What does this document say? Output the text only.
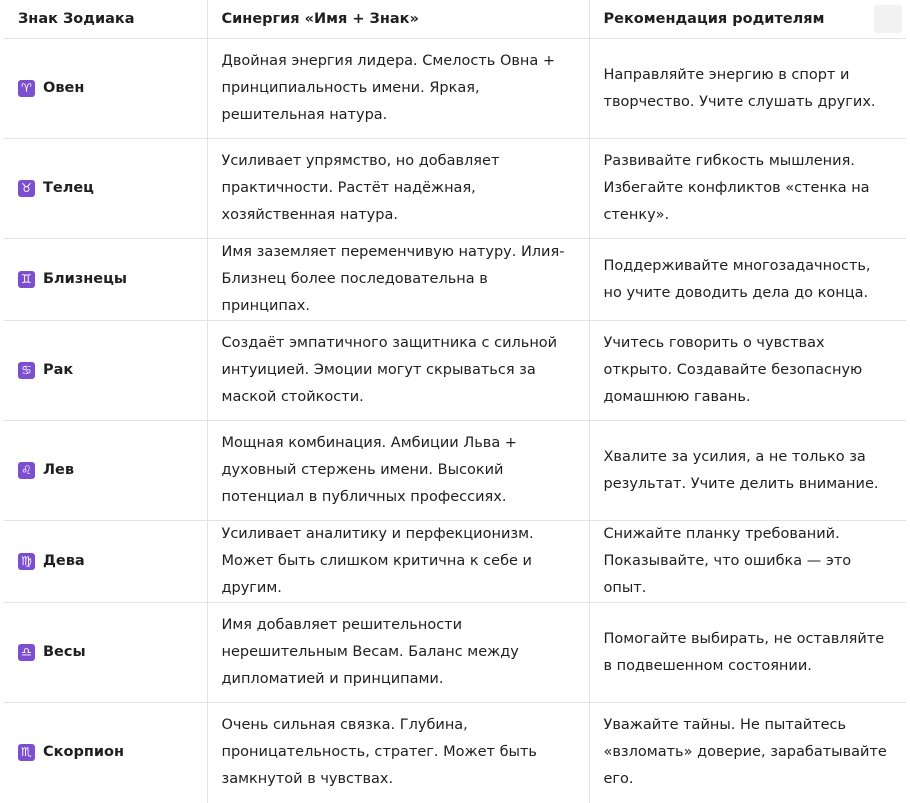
Знак Зодиака	Синергия «Имя + Знак»	Рекомендация родителям

♈ Овен	Двойная энергия лидера. Смелость Овна + принципиальность имени. Яркая, решительная натура.	Направляйте энергию в спорт и творчество. Учите слушать других.

♉ Телец	Усиливает упрямство, но добавляет практичности. Растёт надёжная, хозяйственная натура.	Развивайте гибкость мышления. Избегайте конфликтов «стенка на стенку».

♊ Близнецы	Имя заземляет переменчивую натуру. Илия-Близнец более последовательна в принципах.	Поддерживайте многозадачность, но учите доводить дела до конца.

♋ Рак	Создаёт эмпатичного защитника с сильной интуицией. Эмоции могут скрываться за маской стойкости.	Учитесь говорить о чувствах открыто. Создавайте безопасную домашнюю гавань.

♌ Лев	Мощная комбинация. Амбиции Льва + духовный стержень имени. Высокий потенциал в публичных профессиях.	Хвалите за усилия, а не только за результат. Учите делить внимание.

♍ Дева	Усиливает аналитику и перфекционизм. Может быть слишком критична к себе и другим.	Снижайте планку требований. Показывайте, что ошибка — это опыт.

♎ Весы	Имя добавляет решительности нерешительным Весам. Баланс между дипломатией и принципами.	Помогайте выбирать, не оставляйте в подвешенном состоянии.

♏ Скорпион	Очень сильная связка. Глубина, проницательность, стратег. Может быть замкнутой в чувствах.	Уважайте тайны. Не пытайтесь «взломать» доверие, зарабатывайте его.
